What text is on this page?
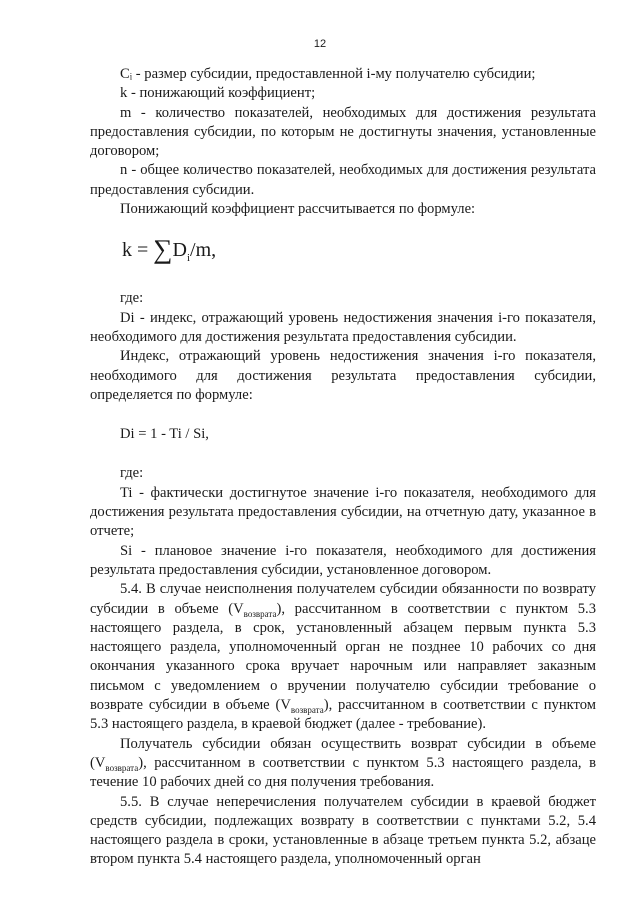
12

Cᵢ - размер субсидии, предоставленной i-му получателю субсидии;

k - понижающий коэффициент;

m - количество показателей, необходимых для достижения результата предоставления субсидии, по которым не достигнуты значения, установленные договором;

n - общее количество показателей, необходимых для достижения результата предоставления субсидии.

Понижающий коэффициент рассчитывается по формуле:

$k = \sum D_i/m$,

где:

Di - индекс, отражающий уровень недостижения значения i-го показателя, необходимого для достижения результата предоставления субсидии.

Индекс, отражающий уровень недостижения значения i-го показателя, необходимого для достижения результата предоставления субсидии, определяется по формуле:

Di = 1 - Ti / Si,

где:

Ti - фактически достигнутое значение i-го показателя, необходимого для достижения результата предоставления субсидии, на отчетную дату, указанное в отчете;

Si - плановое значение i-го показателя, необходимого для достижения результата предоставления субсидии, установленное договором.

5.4. В случае неисполнения получателем субсидии обязанности по возврату субсидии в объеме $(V_{возврата})$, рассчитанном в соответствии с пунктом 5.3 настоящего раздела, в срок, установленный абзацем первым пункта 5.3 настоящего раздела, уполномоченный орган не позднее 10 рабочих со дня окончания указанного срока вручает нарочным или направляет заказным письмом с уведомлением о вручении получателю субсидии требование о возврате субсидии в объеме $(V_{возврата})$, рассчитанном в соответствии с пунктом 5.3 настоящего раздела, в краевой бюджет (далее - требование).

Получатель субсидии обязан осуществить возврат субсидии в объеме $(V_{возврата})$, рассчитанном в соответствии с пунктом 5.3 настоящего раздела, в течение 10 рабочих дней со дня получения требования.

5.5. В случае неперечисления получателем субсидии в краевой бюджет средств субсидии, подлежащих возврату в соответствии с пунктами 5.2, 5.4 настоящего раздела в сроки, установленные в абзаце третьем пункта 5.2, абзаце втором пункта 5.4 настоящего раздела, уполномоченный орган
